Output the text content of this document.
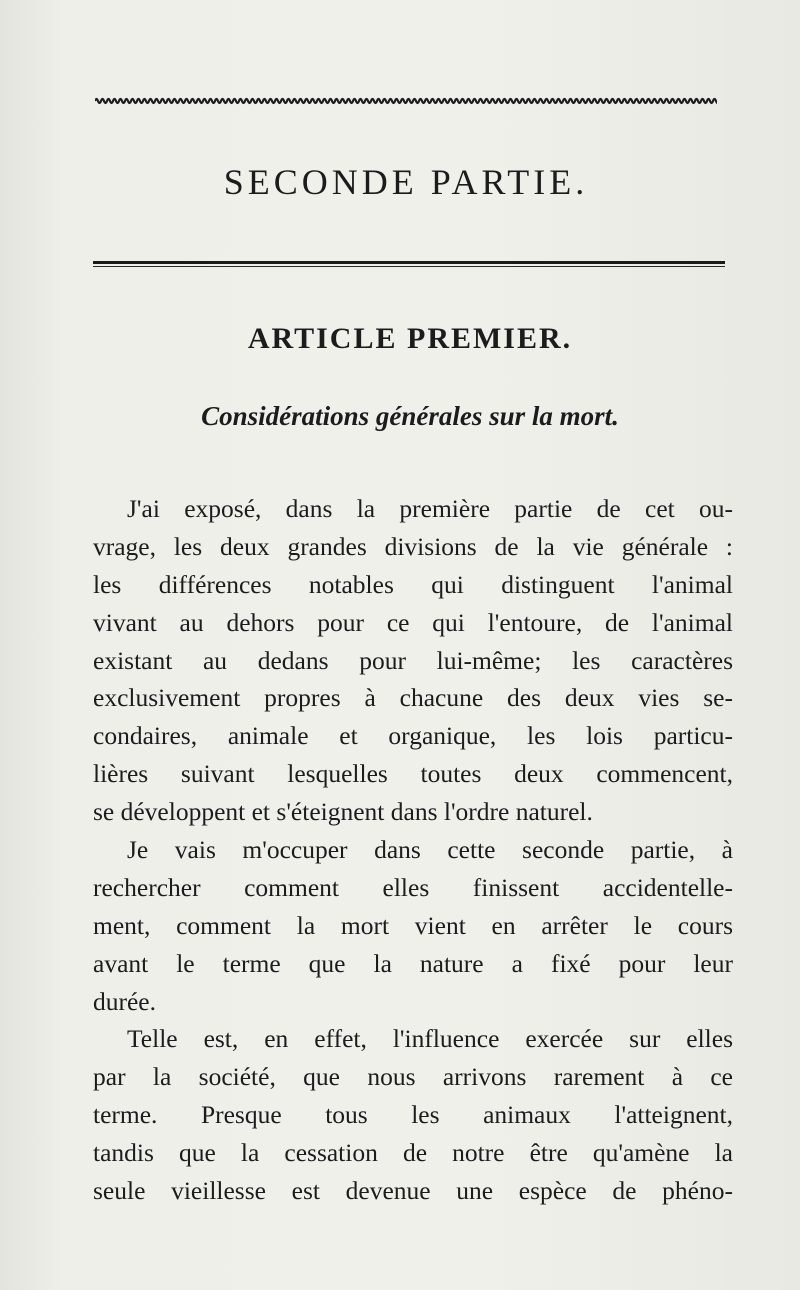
SECONDE PARTIE.
ARTICLE PREMIER.
Considérations générales sur la mort.
J'ai exposé, dans la première partie de cet ou-
vrage, les deux grandes divisions de la vie générale :
les différences notables qui distinguent l'animal
vivant au dehors pour ce qui l'entoure, de l'animal
existant au dedans pour lui-même; les caractères
exclusivement propres à chacune des deux vies se-
condaires, animale et organique, les lois particu-
lières suivant lesquelles toutes deux commencent,
se développent et s'éteignent dans l'ordre naturel.
Je vais m'occuper dans cette seconde partie, à
rechercher comment elles finissent accidentelle-
ment, comment la mort vient en arrêter le cours
avant le terme que la nature a fixé pour leur
durée.
Telle est, en effet, l'influence exercée sur elles
par la société, que nous arrivons rarement à ce
terme. Presque tous les animaux l'atteignent,
tandis que la cessation de notre être qu'amène la
seule vieillesse est devenue une espèce de phéno-
